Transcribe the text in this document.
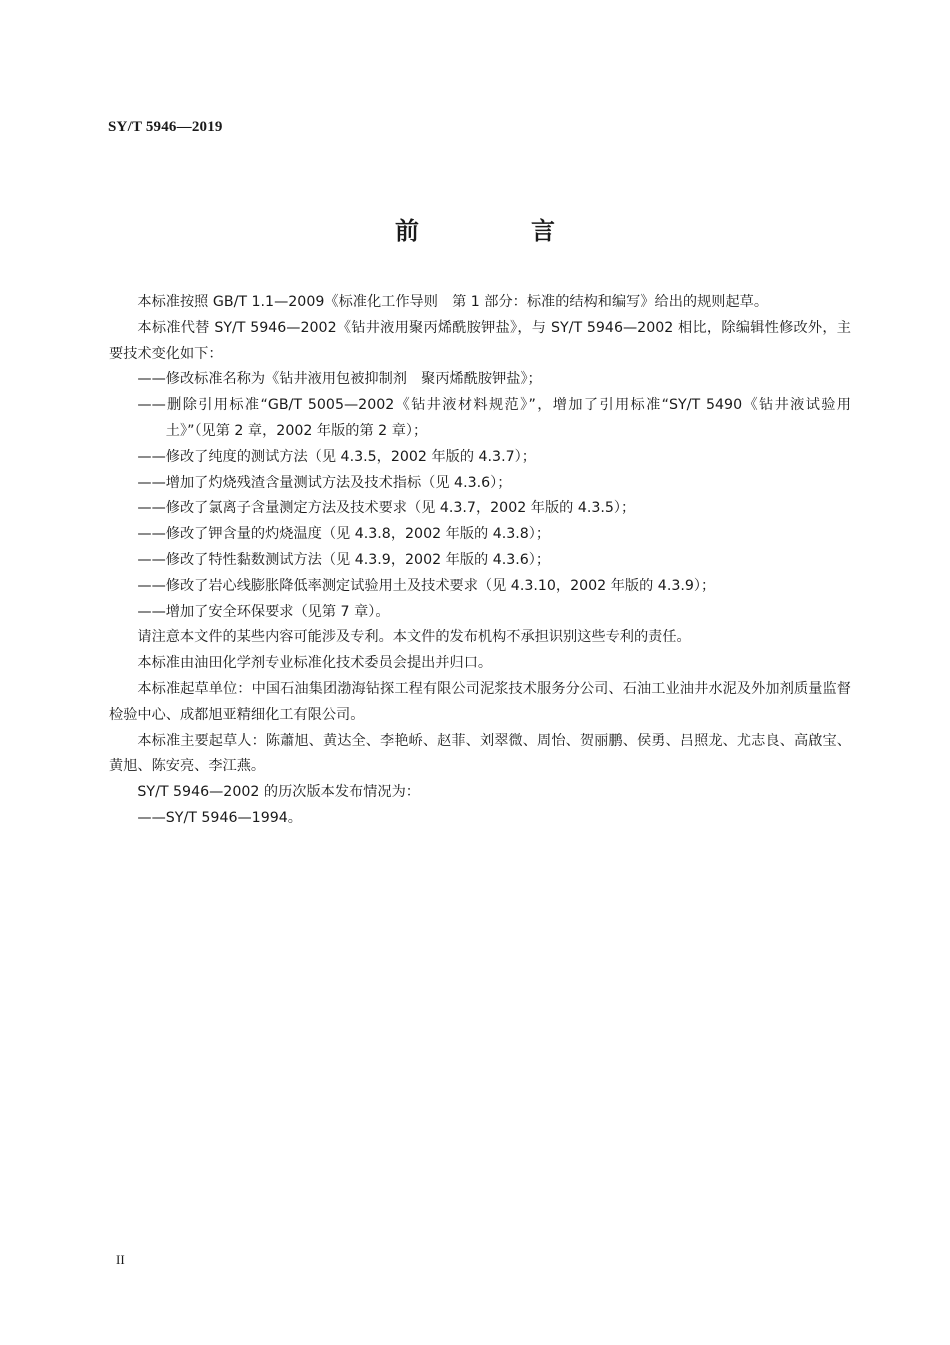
SY/T 5946—2019
前　言

本标准按照 GB/T 1.1—2009《标准化工作导则　第 1 部分：标准的结构和编写》给出的规则起草。

本标准代替 SY/T 5946—2002《钻井液用聚丙烯酰胺钾盐》，与 SY/T 5946—2002 相比，除编辑性修改外，主要技术变化如下：

——修改标准名称为《钻井液用包被抑制剂　聚丙烯酰胺钾盐》；

——删除引用标准“GB/T 5005—2002《钻井液材料规范》”，增加了引用标准“SY/T 5490《钻井液试验用土》”（见第 2 章，2002 年版的第 2 章）；

——修改了纯度的测试方法（见 4.3.5，2002 年版的 4.3.7）；

——增加了灼烧残渣含量测试方法及技术指标（见 4.3.6）；

——修改了氯离子含量测定方法及技术要求（见 4.3.7，2002 年版的 4.3.5）；

——修改了钾含量的灼烧温度（见 4.3.8，2002 年版的 4.3.8）；

——修改了特性黏数测试方法（见 4.3.9，2002 年版的 4.3.6）；

——修改了岩心线膨胀降低率测定试验用土及技术要求（见 4.3.10，2002 年版的 4.3.9）；

——增加了安全环保要求（见第 7 章）。

请注意本文件的某些内容可能涉及专利。本文件的发布机构不承担识别这些专利的责任。

本标准由油田化学剂专业标准化技术委员会提出并归口。

本标准起草单位：中国石油集团渤海钻探工程有限公司泥浆技术服务分公司、石油工业油井水泥及外加剂质量监督检验中心、成都旭亚精细化工有限公司。

本标准主要起草人：陈蕭旭、黄达全、李艳峤、赵菲、刘翠微、周怡、贺丽鹏、侯勇、吕照龙、尤志良、高啟宝、黄旭、陈安亮、李江燕。

SY/T 5946—2002 的历次版本发布情况为：

——SY/T 5946—1994。

II
